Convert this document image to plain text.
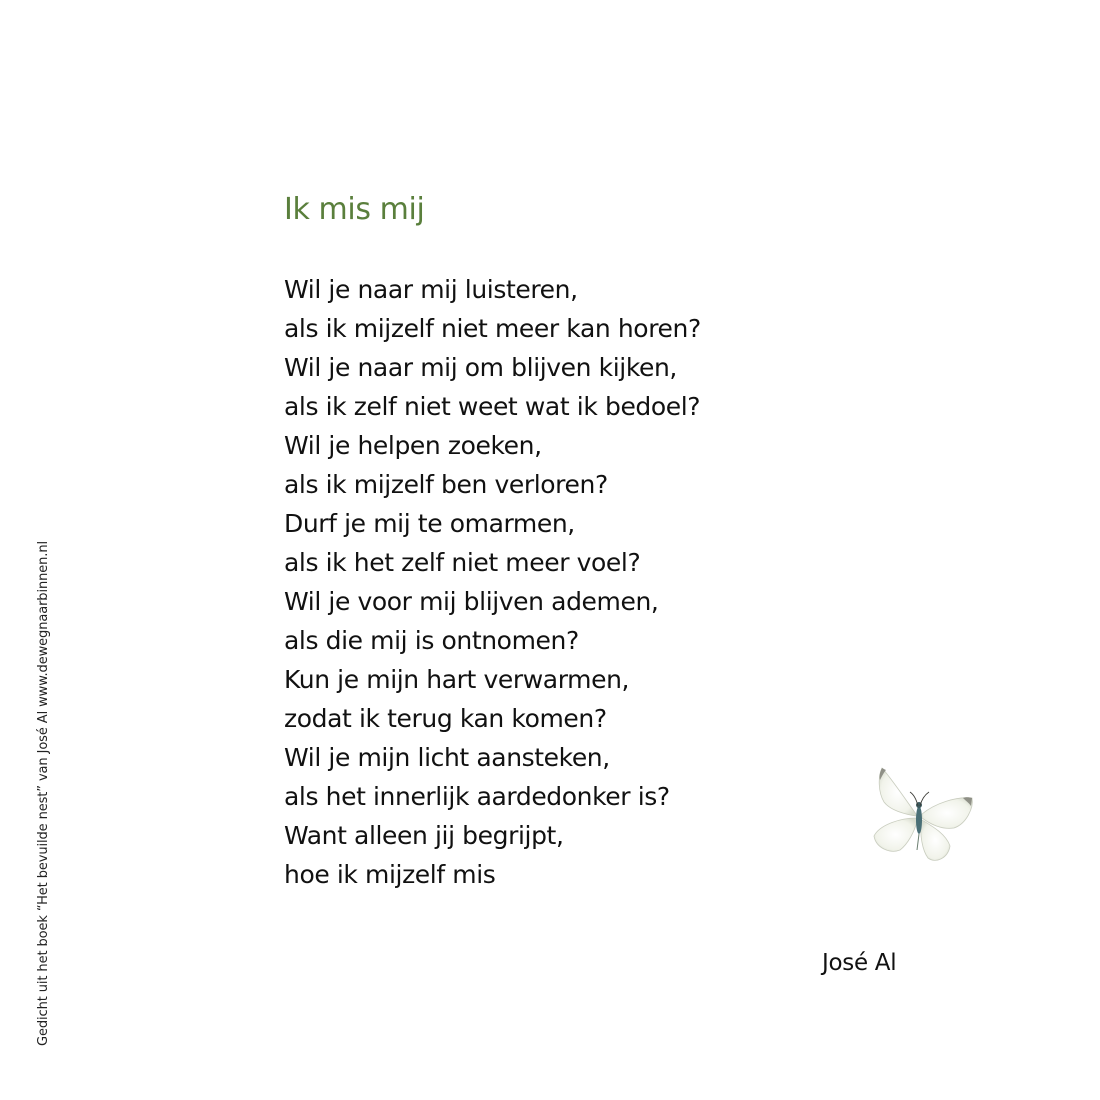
Ik mis mij
Wil je naar mij luisteren,
als ik mijzelf niet meer kan horen?
Wil je naar mij om blijven kijken,
als ik zelf niet weet wat ik bedoel?
Wil je helpen zoeken,
als ik mijzelf ben verloren?
Durf je mij te omarmen,
als ik het zelf niet meer voel?
Wil je voor mij blijven ademen,
als die mij is ontnomen?
Kun je mijn hart verwarmen,
zodat ik terug kan komen?
Wil je mijn licht aansteken,
als het innerlijk aardedonker is?
Want alleen jij begrijpt,
hoe ik mijzelf mis
José Al
Gedicht uit het boek “Het bevuilde nest” van José Al www.dewegnaarbinnen.nl
